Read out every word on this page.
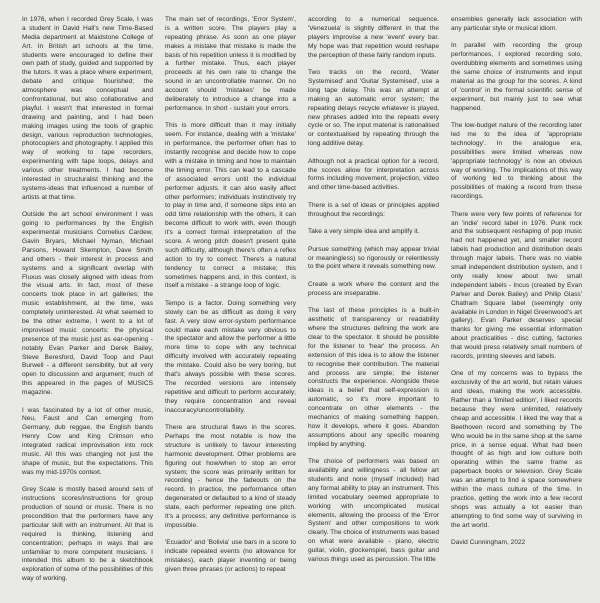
In 1976, when I recorded Grey Scale, I was a student in David Hall's new Time-Based Media department at Maidstone College of Art. In British art schools at the time, students were encouraged to define their own path of study, guided and supported by the tutors. It was a place where experiment, debate and critique flourished; the atmosphere was conceptual and confrontational, but also collaborative and playful. I wasn't that interested in formal drawing and painting, and I had been making images using the tools of graphic design, various reproduction technologies, photocopiers and photography. I applied this way of working to tape recorders, experimenting with tape loops, delays and various other treatments. I had become interested in structuralist thinking and the systems-ideas that influenced a number of artists at that time.

Outside the art school environment I was going to performances by the English experimental musicians Cornelius Cardew, Gavin Bryars, Michael Nyman, Michael Parsons, Howard Skempton, Dave Smith and others - their interest in process and systems and a significant overlap with Fluxus was closely aligned with ideas from the visual arts. In fact, most of these concerts took place in art galleries; the music establishment, at the time, was completely uninterested. At what seemed to be the other extreme, I went to a lot of improvised music concerts: the physical presence of the music just as ear-opening - notably Evan Parker and Derek Bailey, Steve Beresford, David Toop and Paul Burwell - a different sensibility, but all very open to discussion and argument; much of this appeared in the pages of MUSICS magazine.

I was fascinated by a lot of other music, Neu, Faust and Can emerging from Germany, dub reggae, the English bands Henry Cow and King Crimson who integrated radical improvisation into rock music. All this was changing not just the shape of music, but the expectations. This was my mid-1970s context.

Grey Scale is mostly based around sets of instructions scores/instructions for group production of sound or music. There is no precondition that the performers have any particular skill with an instrument. All that is required is thinking, listening and concentration; perhaps in ways that are unfamiliar to more competent musicians. I intended this album to be a sketchbook exploration of some of the possibilities of this way of working.

The main set of recordings, 'Error System', is a written score. The players play a repeating phrase. As soon as one player makes a mistake that mistake is made the basis of his repetition unless it is modified by a further mistake. Thus, each player proceeds at his own rate to change the sound in an uncontrollable manner. On no account should 'mistakes' be made deliberately to introduce a change into a performance. In short - sustain your errors.

This is more difficult than it may initially seem. For instance, dealing with a 'mistake' in performance, the performer often has to instantly recognise and decide how to cope with a mistake in timing and how to maintain the timing error. This can lead to a cascade of associated errors until the individual performer adjusts. It can also easily affect other performers; individuals instinctively try to play in time and, if someone slips into an odd time relationship with the others, it can become difficult to work with, even though it's a correct formal interpretation of the score. A wrong pitch doesn't present quite such difficulty, although there's often a reflex action to try to correct. There's a natural tendency to correct a mistake; this sometimes happens and, in this context, is itself a mistake - a strange loop of logic.

Tempo is a factor. Doing something very slowly can be as difficult as doing it very fast. A very slow error-system performance could make each mistake very obvious to the spectator and allow the performer a little more time to cope with any technical difficulty involved with accurately repeating the mistake. Could also be very boring, but that's always possible with these scores. The recorded versions are intensely repetitive and difficult to perform accurately; they require concentration and reveal inaccuracy/uncontrollability.

There are structural flaws in the scores. Perhaps the most notable is how the structure is unlikely to favour interesting harmonic development. Other problems are figuring out how/when to stop an error system; the score was primarily written for recording - hence the fadeouts on the record. In practice, the performance often degenerated or defaulted to a kind of steady state, each performer repeating one pitch. It's a process; any definitive performance is impossible.

'Ecuador' and 'Bolivia' use bars in a score to indicate repeated events (no allowance for mistakes), each player inventing or being given three phrases (or actions) to repeat

according to a numerical sequence. 'Venezuela' is slightly different in that the players improvise a new 'event' every bar. My hope was that repetition would reshape the perception of these fairly random inputs.

Two tracks on the record, 'Water Systemised' and 'Guitar Systemised', use a long tape delay. This was an attempt at making an automatic error system; the repeating delays recycle whatever is played, new phrases added into the repeats every cycle or so. The input material is rationalised or contextualised by repeating through the long additive delay.

Although not a practical option for a record, the scores allow for interpretation across forms including movement, projection, video and other time-based activities.

There is a set of ideas or principles applied throughout the recordings:

Take a very simple idea and amplify it.

Pursue something (which may appear trivial or meaningless) so rigorously or relentlessly to the point where it reveals something new.

Create a work where the content and the process are inseparable.

The last of these principles is a built-in aesthetic of transparency or readability where the structures defining the work are clear to the spectator. It should be possible for the listener to 'hear' the process. An extension of this idea is to allow the listener to recognise their contribution. The material and process are simple; the listener constructs the experience. Alongside these ideas is a belief that self-expression is automatic, so it's more important to concentrate on other elements - the mechanics of making something happen, how it develops, where it goes. Abandon assumptions about any specific meaning implied by anything.

The choice of performers was based on availability and willingness - all fellow art students and none (myself included) had any formal ability to play an instrument. This limited vocabulary seemed appropriate to working with uncomplicated musical elements, allowing the process of the 'Error System' and other compositions to work clearly. The choice of instruments was based on what were available - piano, electric guitar, violin, glockenspiel, bass guitar and various things used as percussion. The little

ensembles generally lack association with any particular style or musical idiom.

In parallel with recording the group performances, I explored recording solo, overdubbing elements and sometimes using the same choice of instruments and input material as the group for the scores. A kind of 'control' in the formal scientific sense of experiment, but mainly just to see what happened.

The low-budget nature of the recording later led me to the idea of 'appropriate technology'. In the analogue era, possibilities were limited whereas now 'appropriate technology' is now an obvious way of working. The implications of this way of working led to thinking about the possibilities of making a record from these recordings.

There were very few points of reference for an 'indie' record label in 1976. Punk rock and the subsequent reshaping of pop music had not happened yet, and smaller record labels had production and distribution deals through major labels. There was no viable small independent distribution system, and I only really knew about two small independent labels - Incus (created by Evan Parker and Derek Bailey) and Philip Glass' Chatham Square label (seemingly only available in London in Nigel Greenwood's art gallery). Evan Parker deserves special thanks for giving me essential information about practicalities - disc cutting, factories that would press relatively small numbers of records, printing sleeves and labels.

One of my concerns was to bypass the exclusivity of the art world, but retain values and ideas, making the work accessible. Rather than a 'limited edition', I liked records because they were unlimited, relatively cheap and accessible. I liked the way that a Beethoven record and something by The Who would be in the same shop at the same price, in a sense equal. What had been thought of as high and low culture both operating within the same frame as paperback books or television. Grey Scale was an attempt to find a space somewhere within the mass culture of the time. In practice, getting the work into a few record shops was actually a lot easier than attempting to find some way of surviving in the art world.

David Cunningham, 2022
